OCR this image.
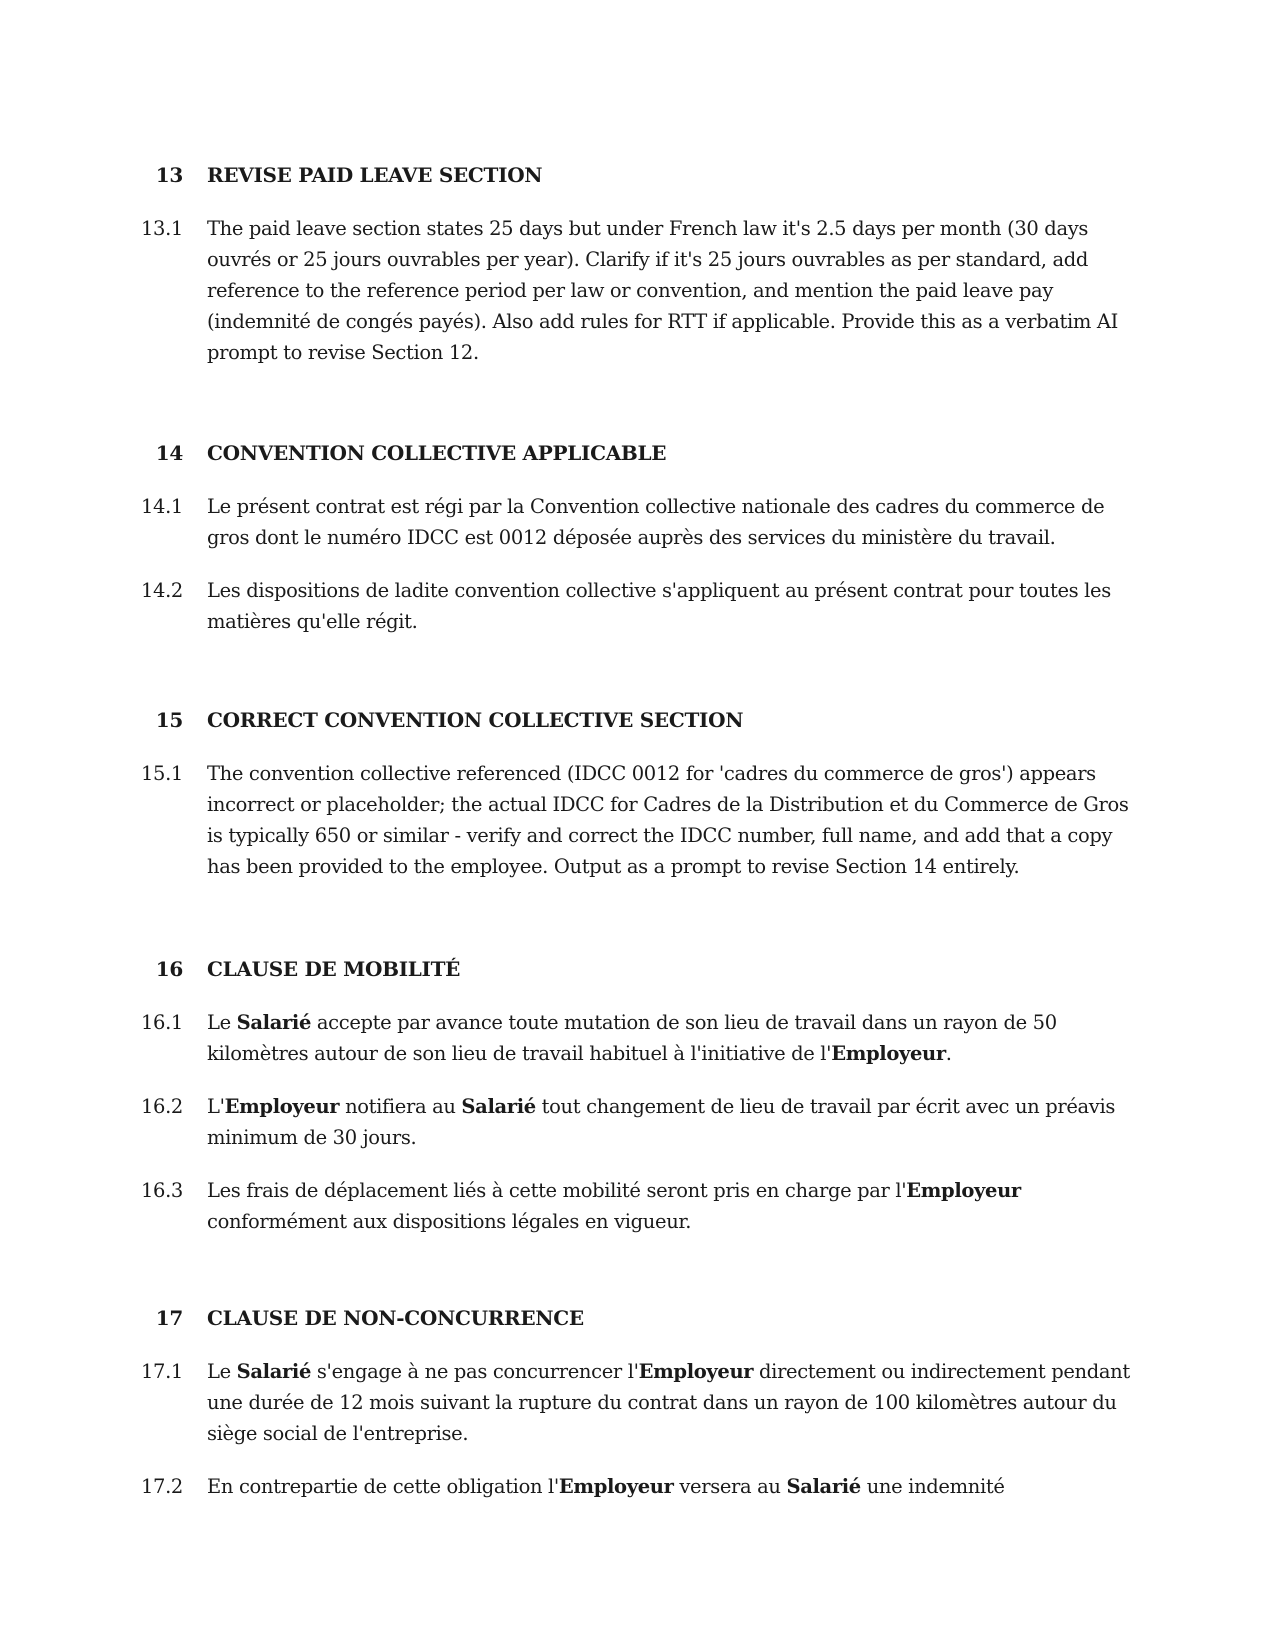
13 REVISE PAID LEAVE SECTION
13.1 The paid leave section states 25 days but under French law it's 2.5 days per month (30 days ouvrés or 25 jours ouvrables per year). Clarify if it's 25 jours ouvrables as per standard, add reference to the reference period per law or convention, and mention the paid leave pay (indemnité de congés payés). Also add rules for RTT if applicable. Provide this as a verbatim AI prompt to revise Section 12.
14 CONVENTION COLLECTIVE APPLICABLE
14.1 Le présent contrat est régi par la Convention collective nationale des cadres du commerce de gros dont le numéro IDCC est 0012 déposée auprès des services du ministère du travail.
14.2 Les dispositions de ladite convention collective s'appliquent au présent contrat pour toutes les matières qu'elle régit.
15 CORRECT CONVENTION COLLECTIVE SECTION
15.1 The convention collective referenced (IDCC 0012 for 'cadres du commerce de gros') appears incorrect or placeholder; the actual IDCC for Cadres de la Distribution et du Commerce de Gros is typically 650 or similar - verify and correct the IDCC number, full name, and add that a copy has been provided to the employee. Output as a prompt to revise Section 14 entirely.
16 CLAUSE DE MOBILITÉ
16.1 Le Salarié accepte par avance toute mutation de son lieu de travail dans un rayon de 50 kilomètres autour de son lieu de travail habituel à l'initiative de l'Employeur.
16.2 L'Employeur notifiera au Salarié tout changement de lieu de travail par écrit avec un préavis minimum de 30 jours.
16.3 Les frais de déplacement liés à cette mobilité seront pris en charge par l'Employeur conformément aux dispositions légales en vigueur.
17 CLAUSE DE NON-CONCURRENCE
17.1 Le Salarié s'engage à ne pas concurrencer l'Employeur directement ou indirectement pendant une durée de 12 mois suivant la rupture du contrat dans un rayon de 100 kilomètres autour du siège social de l'entreprise.
17.2 En contrepartie de cette obligation l'Employeur versera au Salarié une indemnité
